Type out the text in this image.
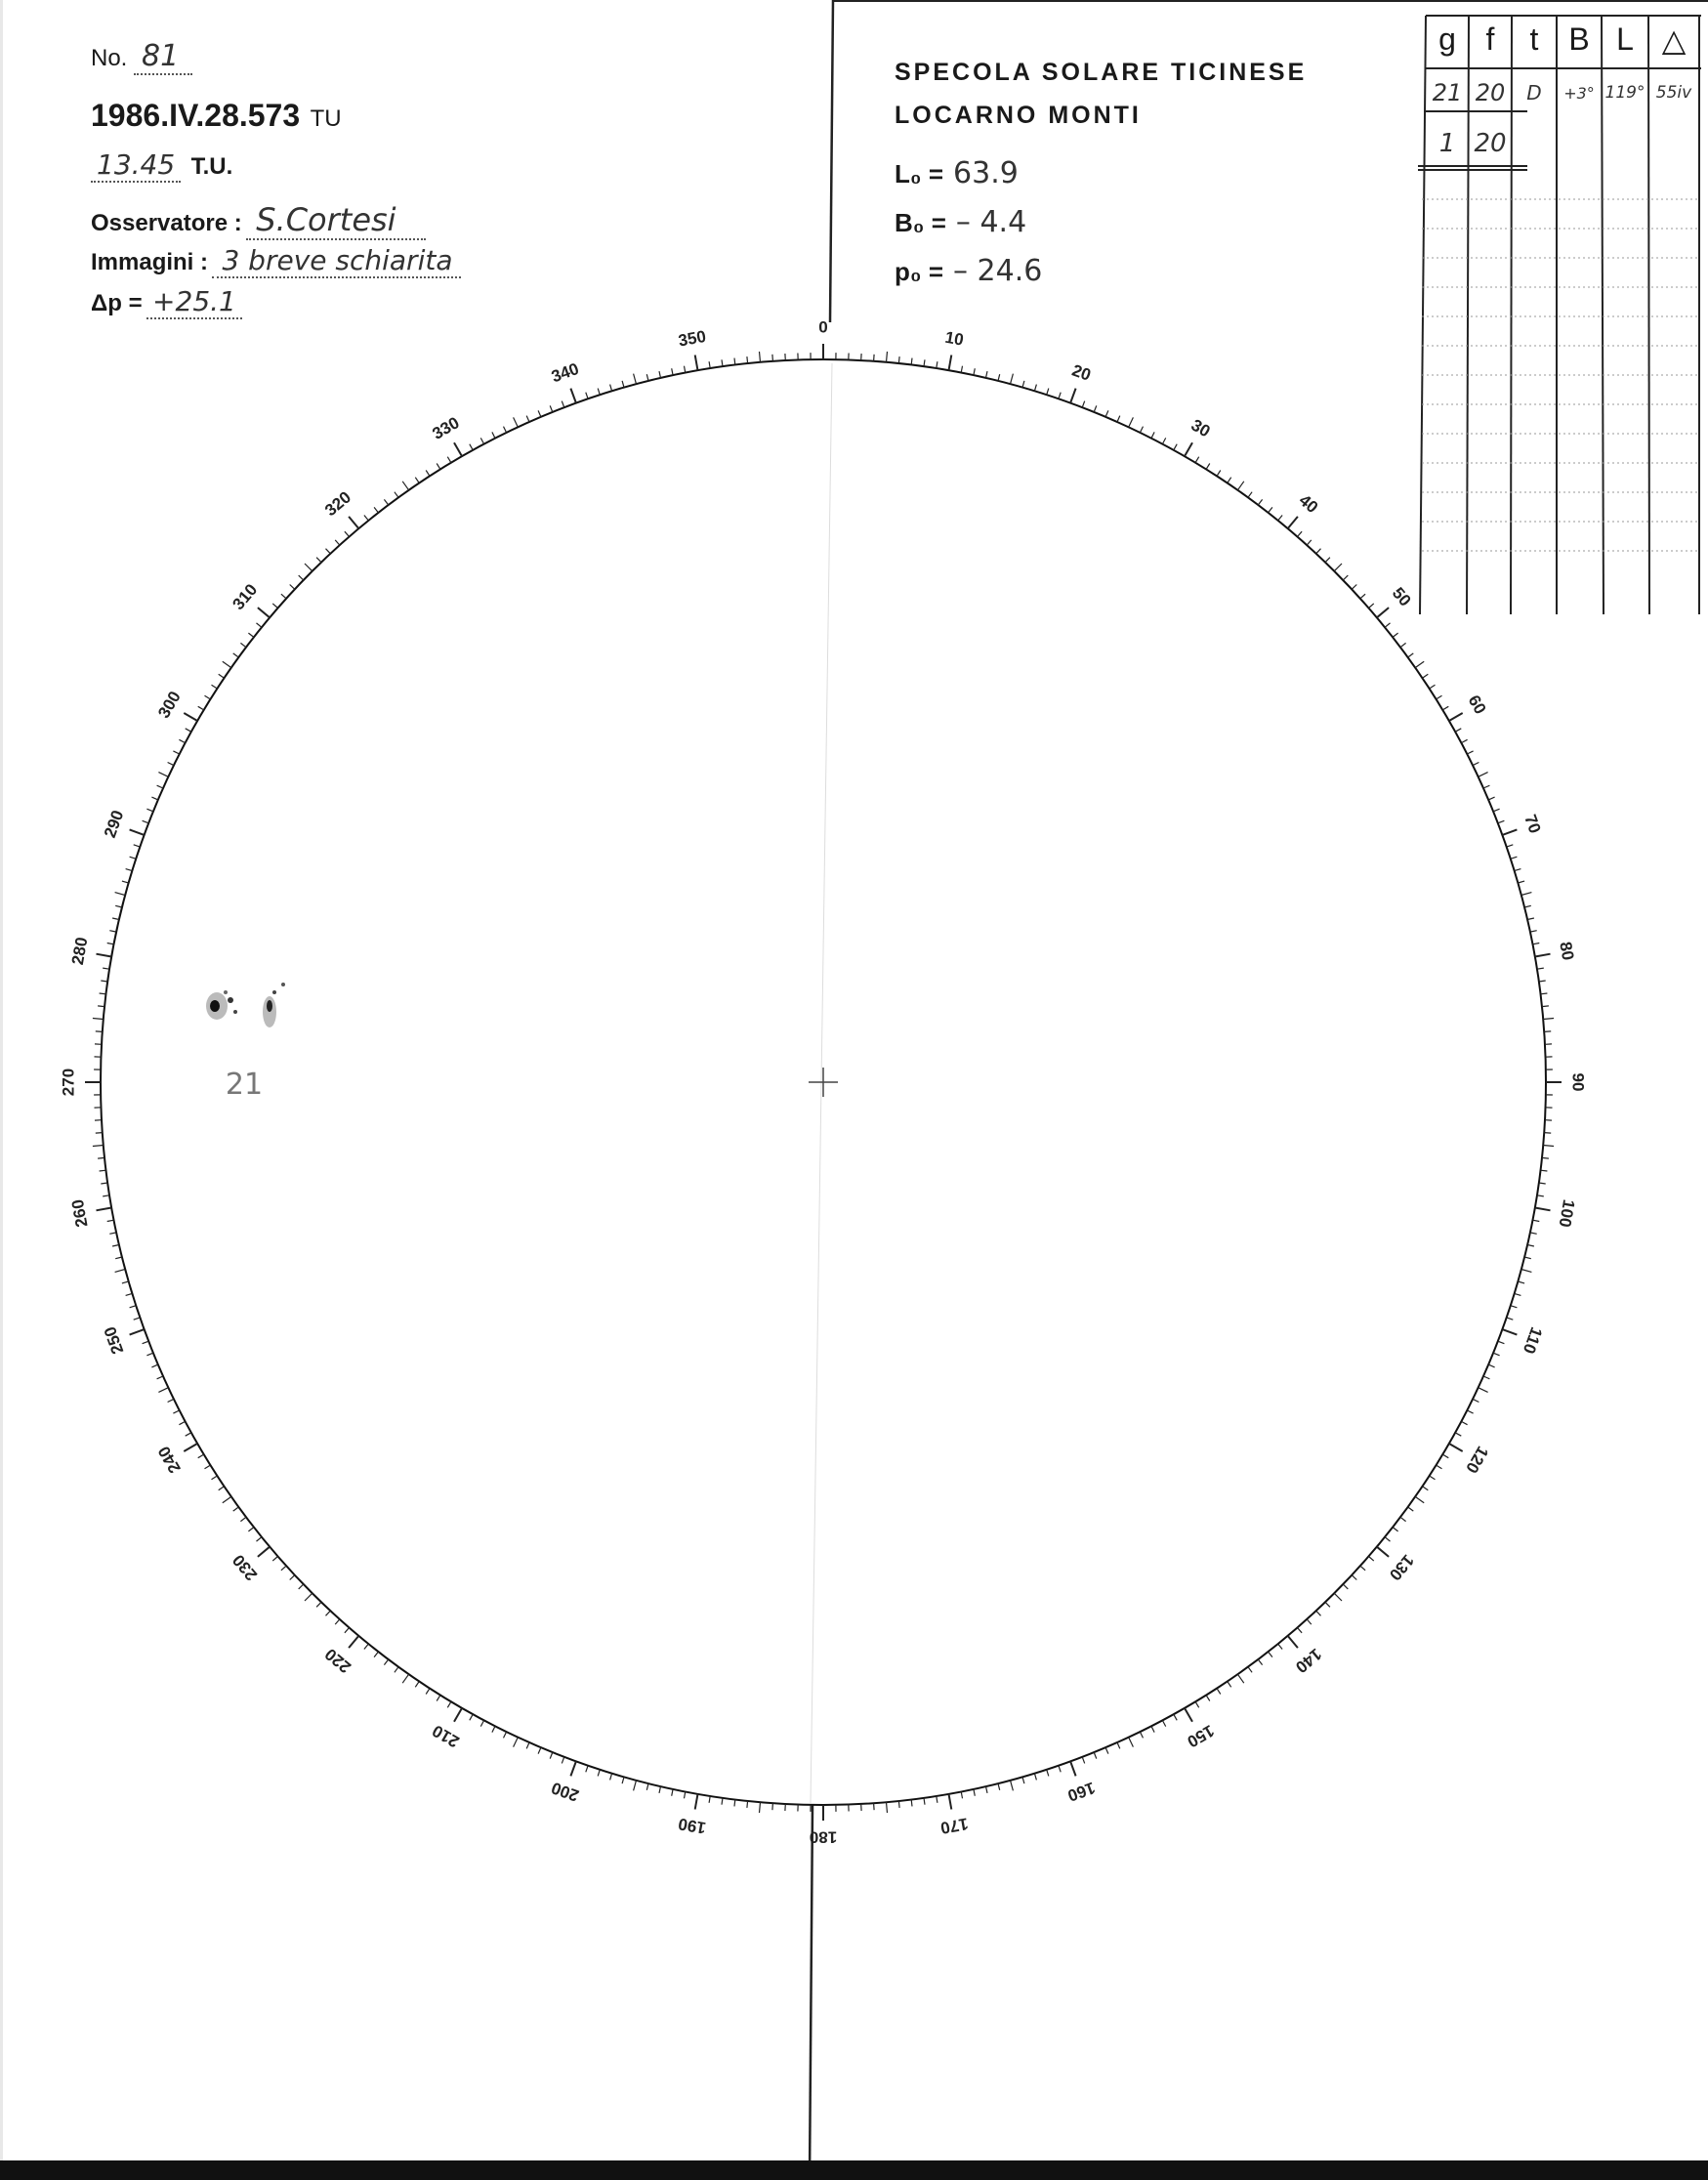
No. 81
1986.IV.28.573 TU
13.45 T.U.
Osservatore : S.Cortesi
Immagini : 3 breve schiarita
Δp = +25.1
SPECOLA SOLARE TICINESE
LOCARNO MONTI
L₀ = 63.9
B₀ = – 4.4
p₀ = – 24.6
g f	t B L △
21 20	D	+3° 119° 55iv
1 20
0
10
20
30
40
50
60
70
80
90
100
110
120
130
140
150
160
170
180
190
200
210
220
230
240
250
260
270
280
290
300
310
320
330
340
350
21
